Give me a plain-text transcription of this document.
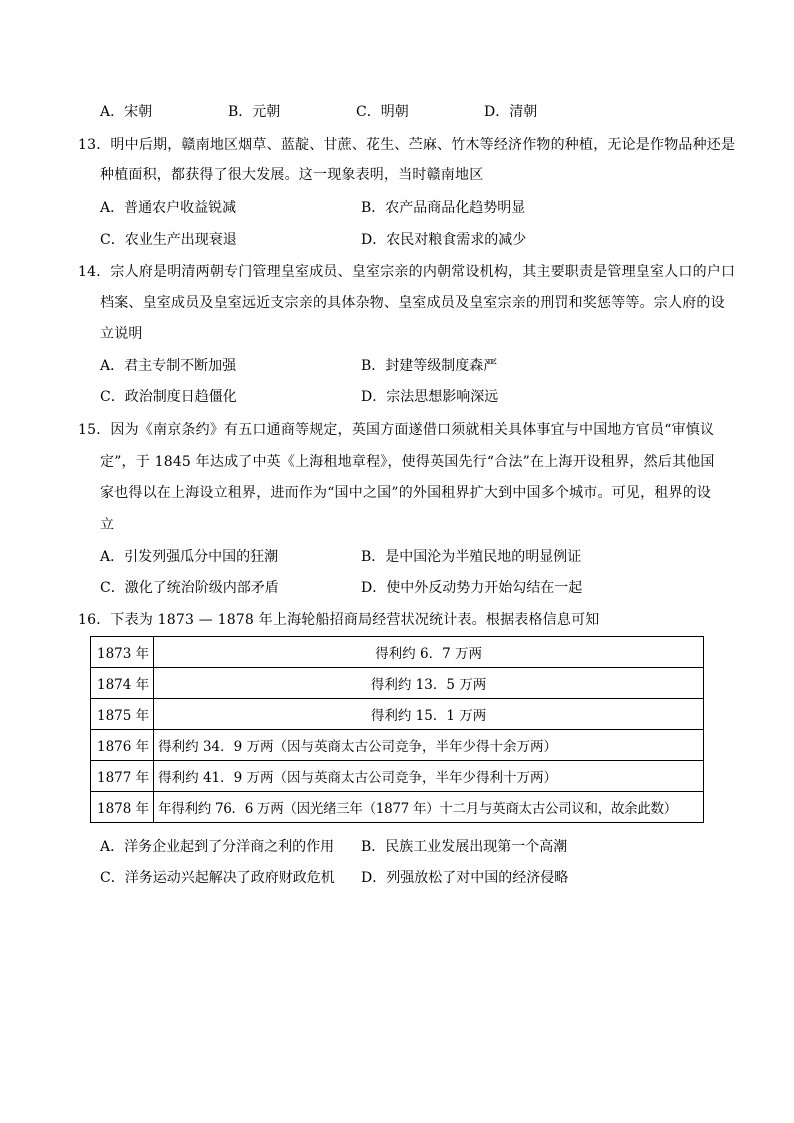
A．宋朝	B．元朝	C．明朝	D．清朝
13．明中后期，赣南地区烟草、蓝靛、甘蔗、花生、苎麻、竹木等经济作物的种植，无论是作物品种还是
种植面积，都获得了很大发展。这一现象表明，当时赣南地区
A．普通农户收益锐减	B．农产品商品化趋势明显
C．农业生产出现衰退	D．农民对粮食需求的减少
14．宗人府是明清两朝专门管理皇室成员、皇室宗亲的内朝常设机构，其主要职责是管理皇室人口的户口
档案、皇室成员及皇室远近支宗亲的具体杂物、皇室成员及皇室宗亲的刑罚和奖惩等等。宗人府的设
立说明
A．君主专制不断加强	B．封建等级制度森严
C．政治制度日趋僵化	D．宗法思想影响深远
15．因为《南京条约》有五口通商等规定，英国方面遂借口须就相关具体事宜与中国地方官员“审慎议
定”，于 1845 年达成了中英《上海租地章程》，使得英国先行“合法”在上海开设租界，然后其他国
家也得以在上海设立租界，进而作为“国中之国”的外国租界扩大到中国多个城市。可见，租界的设
立
A．引发列强瓜分中国的狂潮	B．是中国沦为半殖民地的明显例证
C．激化了统治阶级内部矛盾	D．使中外反动势力开始勾结在一起
16．下表为 1873 — 1878 年上海轮船招商局经营状况统计表。根据表格信息可知
1873 年	得利约 6．7 万两
1874 年	得利约 13．5 万两
1875 年	得利约 15．1 万两
1876 年	得利约 34．9 万两（因与英商太古公司竞争，半年少得十余万两）
1877 年	得利约 41．9 万两（因与英商太古公司竞争，半年少得利十万两）
1878 年	年得利约 76．6 万两（因光绪三年（1877 年）十二月与英商太古公司议和，故余此数）
A．洋务企业起到了分洋商之利的作用 B．民族工业发展出现第一个高潮
C．洋务运动兴起解决了政府财政危机 D．列强放松了对中国的经济侵略
